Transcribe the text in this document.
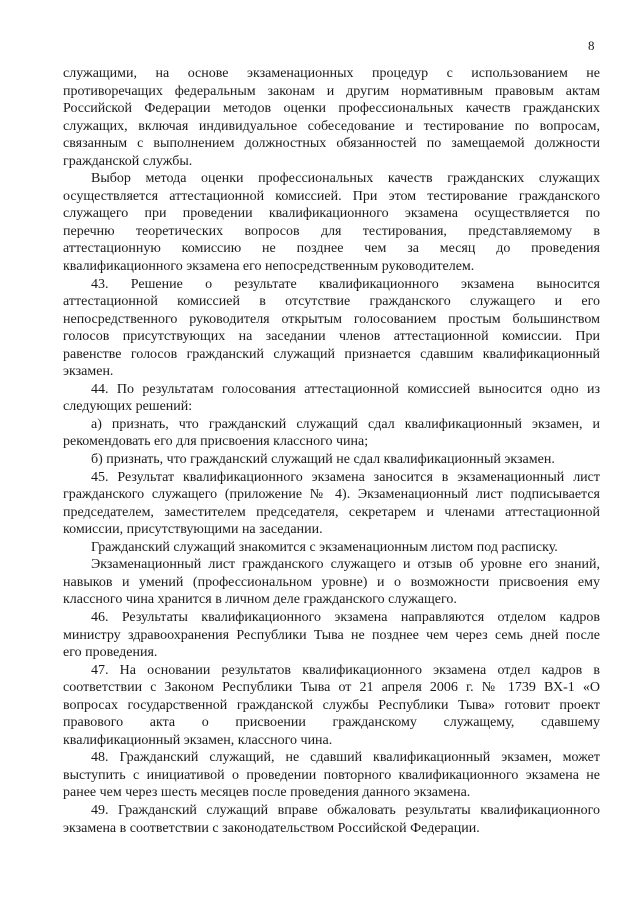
8
служащими, на основе экзаменационных процедур с использованием не
противоречащих федеральным законам и другим нормативным правовым актам
Российской Федерации методов оценки профессиональных качеств гражданских
служащих, включая индивидуальное собеседование и тестирование по вопросам,
связанным с выполнением должностных обязанностей по замещаемой должности
гражданской службы.
Выбор метода оценки профессиональных качеств гражданских служащих
осуществляется аттестационной комиссией. При этом тестирование гражданского
служащего при проведении квалификационного экзамена осуществляется по
перечню теоретических вопросов для тестирования, представляемому в
аттестационную комиссию не позднее чем за месяц до проведения
квалификационного экзамена его непосредственным руководителем.
43. Решение о результате квалификационного экзамена выносится
аттестационной комиссией в отсутствие гражданского служащего и его
непосредственного руководителя открытым голосованием простым большинством
голосов присутствующих на заседании членов аттестационной комиссии. При
равенстве голосов гражданский служащий признается сдавшим квалификационный
экзамен.
44. По результатам голосования аттестационной комиссией выносится одно из
следующих решений:
а) признать, что гражданский служащий сдал квалификационный экзамен, и
рекомендовать его для присвоения классного чина;
б) признать, что гражданский служащий не сдал квалификационный экзамен.
45. Результат квалификационного экзамена заносится в экзаменационный лист
гражданского служащего (приложение № 4). Экзаменационный лист подписывается
председателем, заместителем председателя, секретарем и членами аттестационной
комиссии, присутствующими на заседании.
Гражданский служащий знакомится с экзаменационным листом под расписку.
Экзаменационный лист гражданского служащего и отзыв об уровне его знаний,
навыков и умений (профессиональном уровне) и о возможности присвоения ему
классного чина хранится в личном деле гражданского служащего.
46. Результаты квалификационного экзамена направляются отделом кадров
министру здравоохранения Республики Тыва не позднее чем через семь дней после
его проведения.
47. На основании результатов квалификационного экзамена отдел кадров в
соответствии с Законом Республики Тыва от 21 апреля 2006 г. № 1739 ВХ-1 «О
вопросах государственной гражданской службы Республики Тыва» готовит проект
правового акта о присвоении гражданскому служащему, сдавшему
квалификационный экзамен, классного чина.
48. Гражданский служащий, не сдавший квалификационный экзамен, может
выступить с инициативой о проведении повторного квалификационного экзамена не
ранее чем через шесть месяцев после проведения данного экзамена.
49. Гражданский служащий вправе обжаловать результаты квалификационного
экзамена в соответствии с законодательством Российской Федерации.
